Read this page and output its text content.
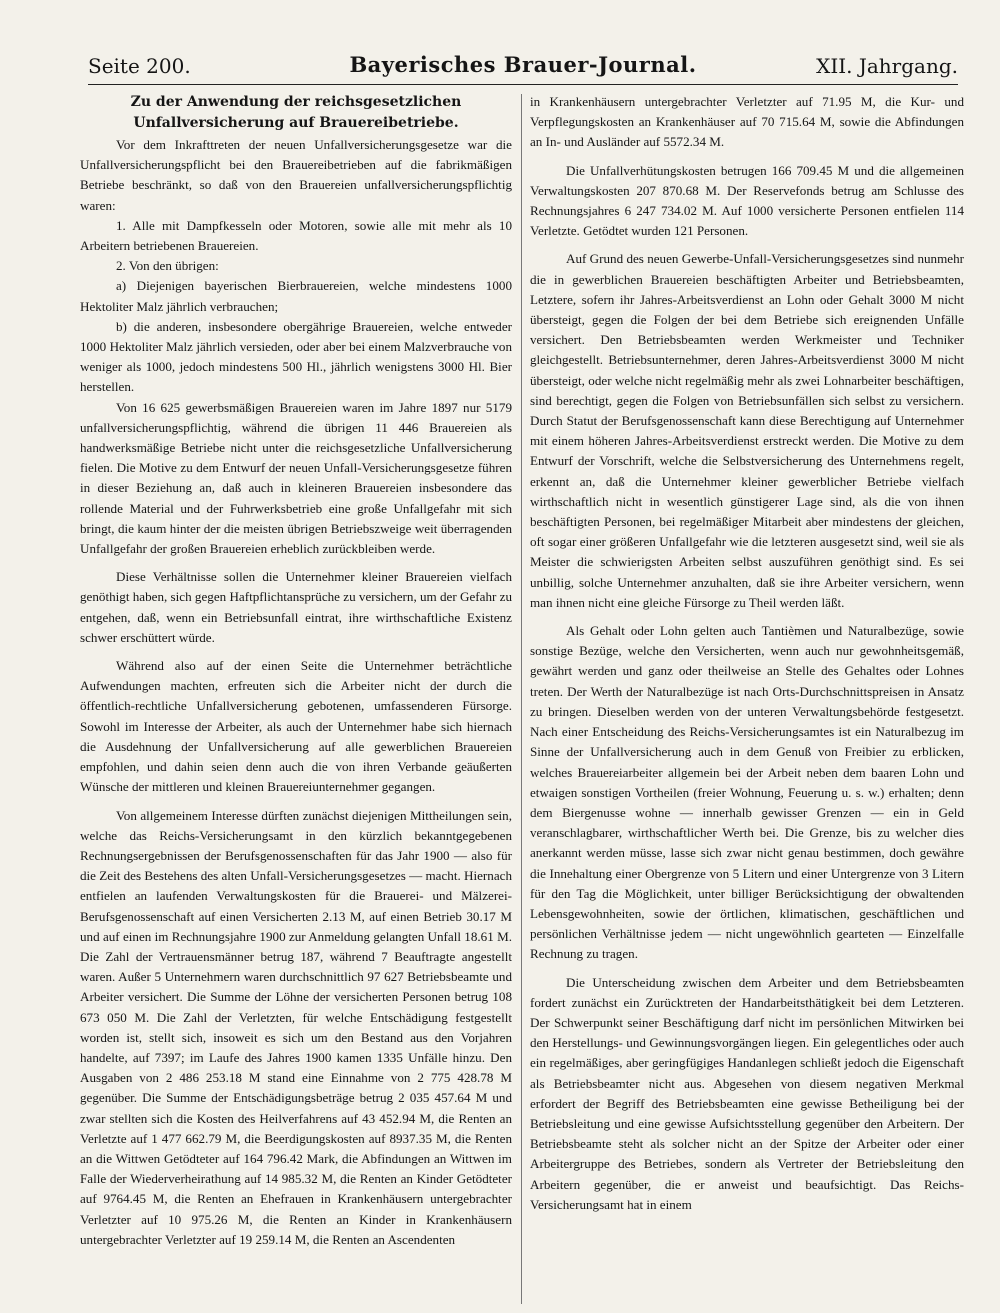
Seite 200.	Bayerisches Brauer-Journal.	XII. Jahrgang.
Zu der Anwendung der reichsgesetzlichen Unfallversicherung auf Brauereibetriebe.

Vor dem Inkrafttreten der neuen Unfallversicherungsgesetze war die Unfallversicherungspflicht bei den Brauereibetrieben auf die fabrikmäßigen Betriebe beschränkt, so daß von den Brauereien unfallversicherungspflichtig waren:

1. Alle mit Dampfkesseln oder Motoren, sowie alle mit mehr als 10 Arbeitern betriebenen Brauereien.

2. Von den übrigen:

a) Diejenigen bayerischen Bierbrauereien, welche mindestens 1000 Hektoliter Malz jährlich verbrauchen;

b) die anderen, insbesondere obergährige Brauereien, welche entweder 1000 Hektoliter Malz jährlich versieden, oder aber bei einem Malzverbrauche von weniger als 1000, jedoch mindestens 500 Hl., jährlich wenigstens 3000 Hl. Bier herstellen.

Von 16 625 gewerbsmäßigen Brauereien waren im Jahre 1897 nur 5179 unfallversicherungspflichtig, während die übrigen 11 446 Brauereien als handwerksmäßige Betriebe nicht unter die reichsgesetzliche Unfallversicherung fielen. Die Motive zu dem Entwurf der neuen Unfall-Versicherungsgesetze führen in dieser Beziehung an, daß auch in kleineren Brauereien insbesondere das rollende Material und der Fuhrwerksbetrieb eine große Unfallgefahr mit sich bringt, die kaum hinter der die meisten übrigen Betriebszweige weit überragenden Unfallgefahr der großen Brauereien erheblich zurückbleiben werde.

Diese Verhältnisse sollen die Unternehmer kleiner Brauereien vielfach genöthigt haben, sich gegen Haftpflichtansprüche zu versichern, um der Gefahr zu entgehen, daß, wenn ein Betriebsunfall eintrat, ihre wirthschaftliche Existenz schwer erschüttert würde.

Während also auf der einen Seite die Unternehmer beträchtliche Aufwendungen machten, erfreuten sich die Arbeiter nicht der durch die öffentlich-rechtliche Unfallversicherung gebotenen, umfassenderen Fürsorge. Sowohl im Interesse der Arbeiter, als auch der Unternehmer habe sich hiernach die Ausdehnung der Unfallversicherung auf alle gewerblichen Brauereien empfohlen, und dahin seien denn auch die von ihren Verbande geäußerten Wünsche der mittleren und kleinen Brauereiunternehmer gegangen.

Von allgemeinem Interesse dürften zunächst diejenigen Mittheilungen sein, welche das Reichs-Versicherungsamt in den kürzlich bekanntgegebenen Rechnungsergebnissen der Berufsgenossenschaften für das Jahr 1900 — also für die Zeit des Bestehens des alten Unfall-Versicherungsgesetzes — macht. Hiernach entfielen an laufenden Verwaltungskosten für die Brauerei- und Mälzerei-Berufsgenossenschaft auf einen Versicherten 2.13 M, auf einen Betrieb 30.17 M und auf einen im Rechnungsjahre 1900 zur Anmeldung gelangten Unfall 18.61 M. Die Zahl der Vertrauensmänner betrug 187, während 7 Beauftragte angestellt waren. Außer 5 Unternehmern waren durchschnittlich 97 627 Betriebsbeamte und Arbeiter versichert. Die Summe der Löhne der versicherten Personen betrug 108 673 050 M. Die Zahl der Verletzten, für welche Entschädigung festgestellt worden ist, stellt sich, insoweit es sich um den Bestand aus den Vorjahren handelte, auf 7397; im Laufe des Jahres 1900 kamen 1335 Unfälle hinzu. Den Ausgaben von 2 486 253.18 M stand eine Einnahme von 2 775 428.78 M gegenüber. Die Summe der Entschädigungsbeträge betrug 2 035 457.64 M und zwar stellten sich die Kosten des Heilverfahrens auf 43 452.94 M, die Renten an Verletzte auf 1 477 662.79 M, die Beerdigungskosten auf 8937.35 M, die Renten an die Wittwen Getödteter auf 164 796.42 Mark, die Abfindungen an Wittwen im Falle der Wiederverheirathung auf 14 985.32 M, die Renten an Kinder Getödteter auf 9764.45 M, die Renten an Ehefrauen in Krankenhäusern untergebrachter Verletzter auf 10 975.26 M, die Renten an Kinder in Krankenhäusern untergebrachter Verletzter auf 19 259.14 M, die Renten an Ascendenten

in Krankenhäusern untergebrachter Verletzter auf 71.95 M, die Kur- und Verpflegungskosten an Krankenhäuser auf 70 715.64 M, sowie die Abfindungen an In- und Ausländer auf 5572.34 M.

Die Unfallverhütungskosten betrugen 166 709.45 M und die allgemeinen Verwaltungskosten 207 870.68 M. Der Reservefonds betrug am Schlusse des Rechnungsjahres 6 247 734.02 M. Auf 1000 versicherte Personen entfielen 114 Verletzte. Getödtet wurden 121 Personen.

Auf Grund des neuen Gewerbe-Unfall-Versicherungsgesetzes sind nunmehr die in gewerblichen Brauereien beschäftigten Arbeiter und Betriebsbeamten, Letztere, sofern ihr Jahres-Arbeitsverdienst an Lohn oder Gehalt 3000 M nicht übersteigt, gegen die Folgen der bei dem Betriebe sich ereignenden Unfälle versichert. Den Betriebsbeamten werden Werkmeister und Techniker gleichgestellt. Betriebsunternehmer, deren Jahres-Arbeitsverdienst 3000 M nicht übersteigt, oder welche nicht regelmäßig mehr als zwei Lohnarbeiter beschäftigen, sind berechtigt, gegen die Folgen von Betriebsunfällen sich selbst zu versichern. Durch Statut der Berufsgenossenschaft kann diese Berechtigung auf Unternehmer mit einem höheren Jahres-Arbeitsverdienst erstreckt werden. Die Motive zu dem Entwurf der Vorschrift, welche die Selbstversicherung des Unternehmens regelt, erkennt an, daß die Unternehmer kleiner gewerblicher Betriebe vielfach wirthschaftlich nicht in wesentlich günstigerer Lage sind, als die von ihnen beschäftigten Personen, bei regelmäßiger Mitarbeit aber mindestens der gleichen, oft sogar einer größeren Unfallgefahr wie die letzteren ausgesetzt sind, weil sie als Meister die schwierigsten Arbeiten selbst auszuführen genöthigt sind. Es sei unbillig, solche Unternehmer anzuhalten, daß sie ihre Arbeiter versichern, wenn man ihnen nicht eine gleiche Fürsorge zu Theil werden läßt.

Als Gehalt oder Lohn gelten auch Tantièmen und Naturalbezüge, sowie sonstige Bezüge, welche den Versicherten, wenn auch nur gewohnheitsgemäß, gewährt werden und ganz oder theilweise an Stelle des Gehaltes oder Lohnes treten. Der Werth der Naturalbezüge ist nach Orts-Durchschnittspreisen in Ansatz zu bringen. Dieselben werden von der unteren Verwaltungsbehörde festgesetzt. Nach einer Entscheidung des Reichs-Versicherungsamtes ist ein Naturalbezug im Sinne der Unfallversicherung auch in dem Genuß von Freibier zu erblicken, welches Brauereiarbeiter allgemein bei der Arbeit neben dem baaren Lohn und etwaigen sonstigen Vortheilen (freier Wohnung, Feuerung u. s. w.) erhalten; denn dem Biergenusse wohne — innerhalb gewisser Grenzen — ein in Geld veranschlagbarer, wirthschaftlicher Werth bei. Die Grenze, bis zu welcher dies anerkannt werden müsse, lasse sich zwar nicht genau bestimmen, doch gewähre die Innehaltung einer Obergrenze von 5 Litern und einer Untergrenze von 3 Litern für den Tag die Möglichkeit, unter billiger Berücksichtigung der obwaltenden Lebensgewohnheiten, sowie der örtlichen, klimatischen, geschäftlichen und persönlichen Verhältnisse jedem — nicht ungewöhnlich gearteten — Einzelfalle Rechnung zu tragen.

Die Unterscheidung zwischen dem Arbeiter und dem Betriebsbeamten fordert zunächst ein Zurücktreten der Handarbeitsthätigkeit bei dem Letzteren. Der Schwerpunkt seiner Beschäftigung darf nicht im persönlichen Mitwirken bei den Herstellungs- und Gewinnungsvorgängen liegen. Ein gelegentliches oder auch ein regelmäßiges, aber geringfügiges Handanlegen schließt jedoch die Eigenschaft als Betriebsbeamter nicht aus. Abgesehen von diesem negativen Merkmal erfordert der Begriff des Betriebsbeamten eine gewisse Betheiligung bei der Betriebsleitung und eine gewisse Aufsichtsstellung gegenüber den Arbeitern. Der Betriebsbeamte steht als solcher nicht an der Spitze der Arbeiter oder einer Arbeitergruppe des Betriebes, sondern als Vertreter der Betriebsleitung den Arbeitern gegenüber, die er anweist und beaufsichtigt. Das Reichs-Versicherungsamt hat in einem
